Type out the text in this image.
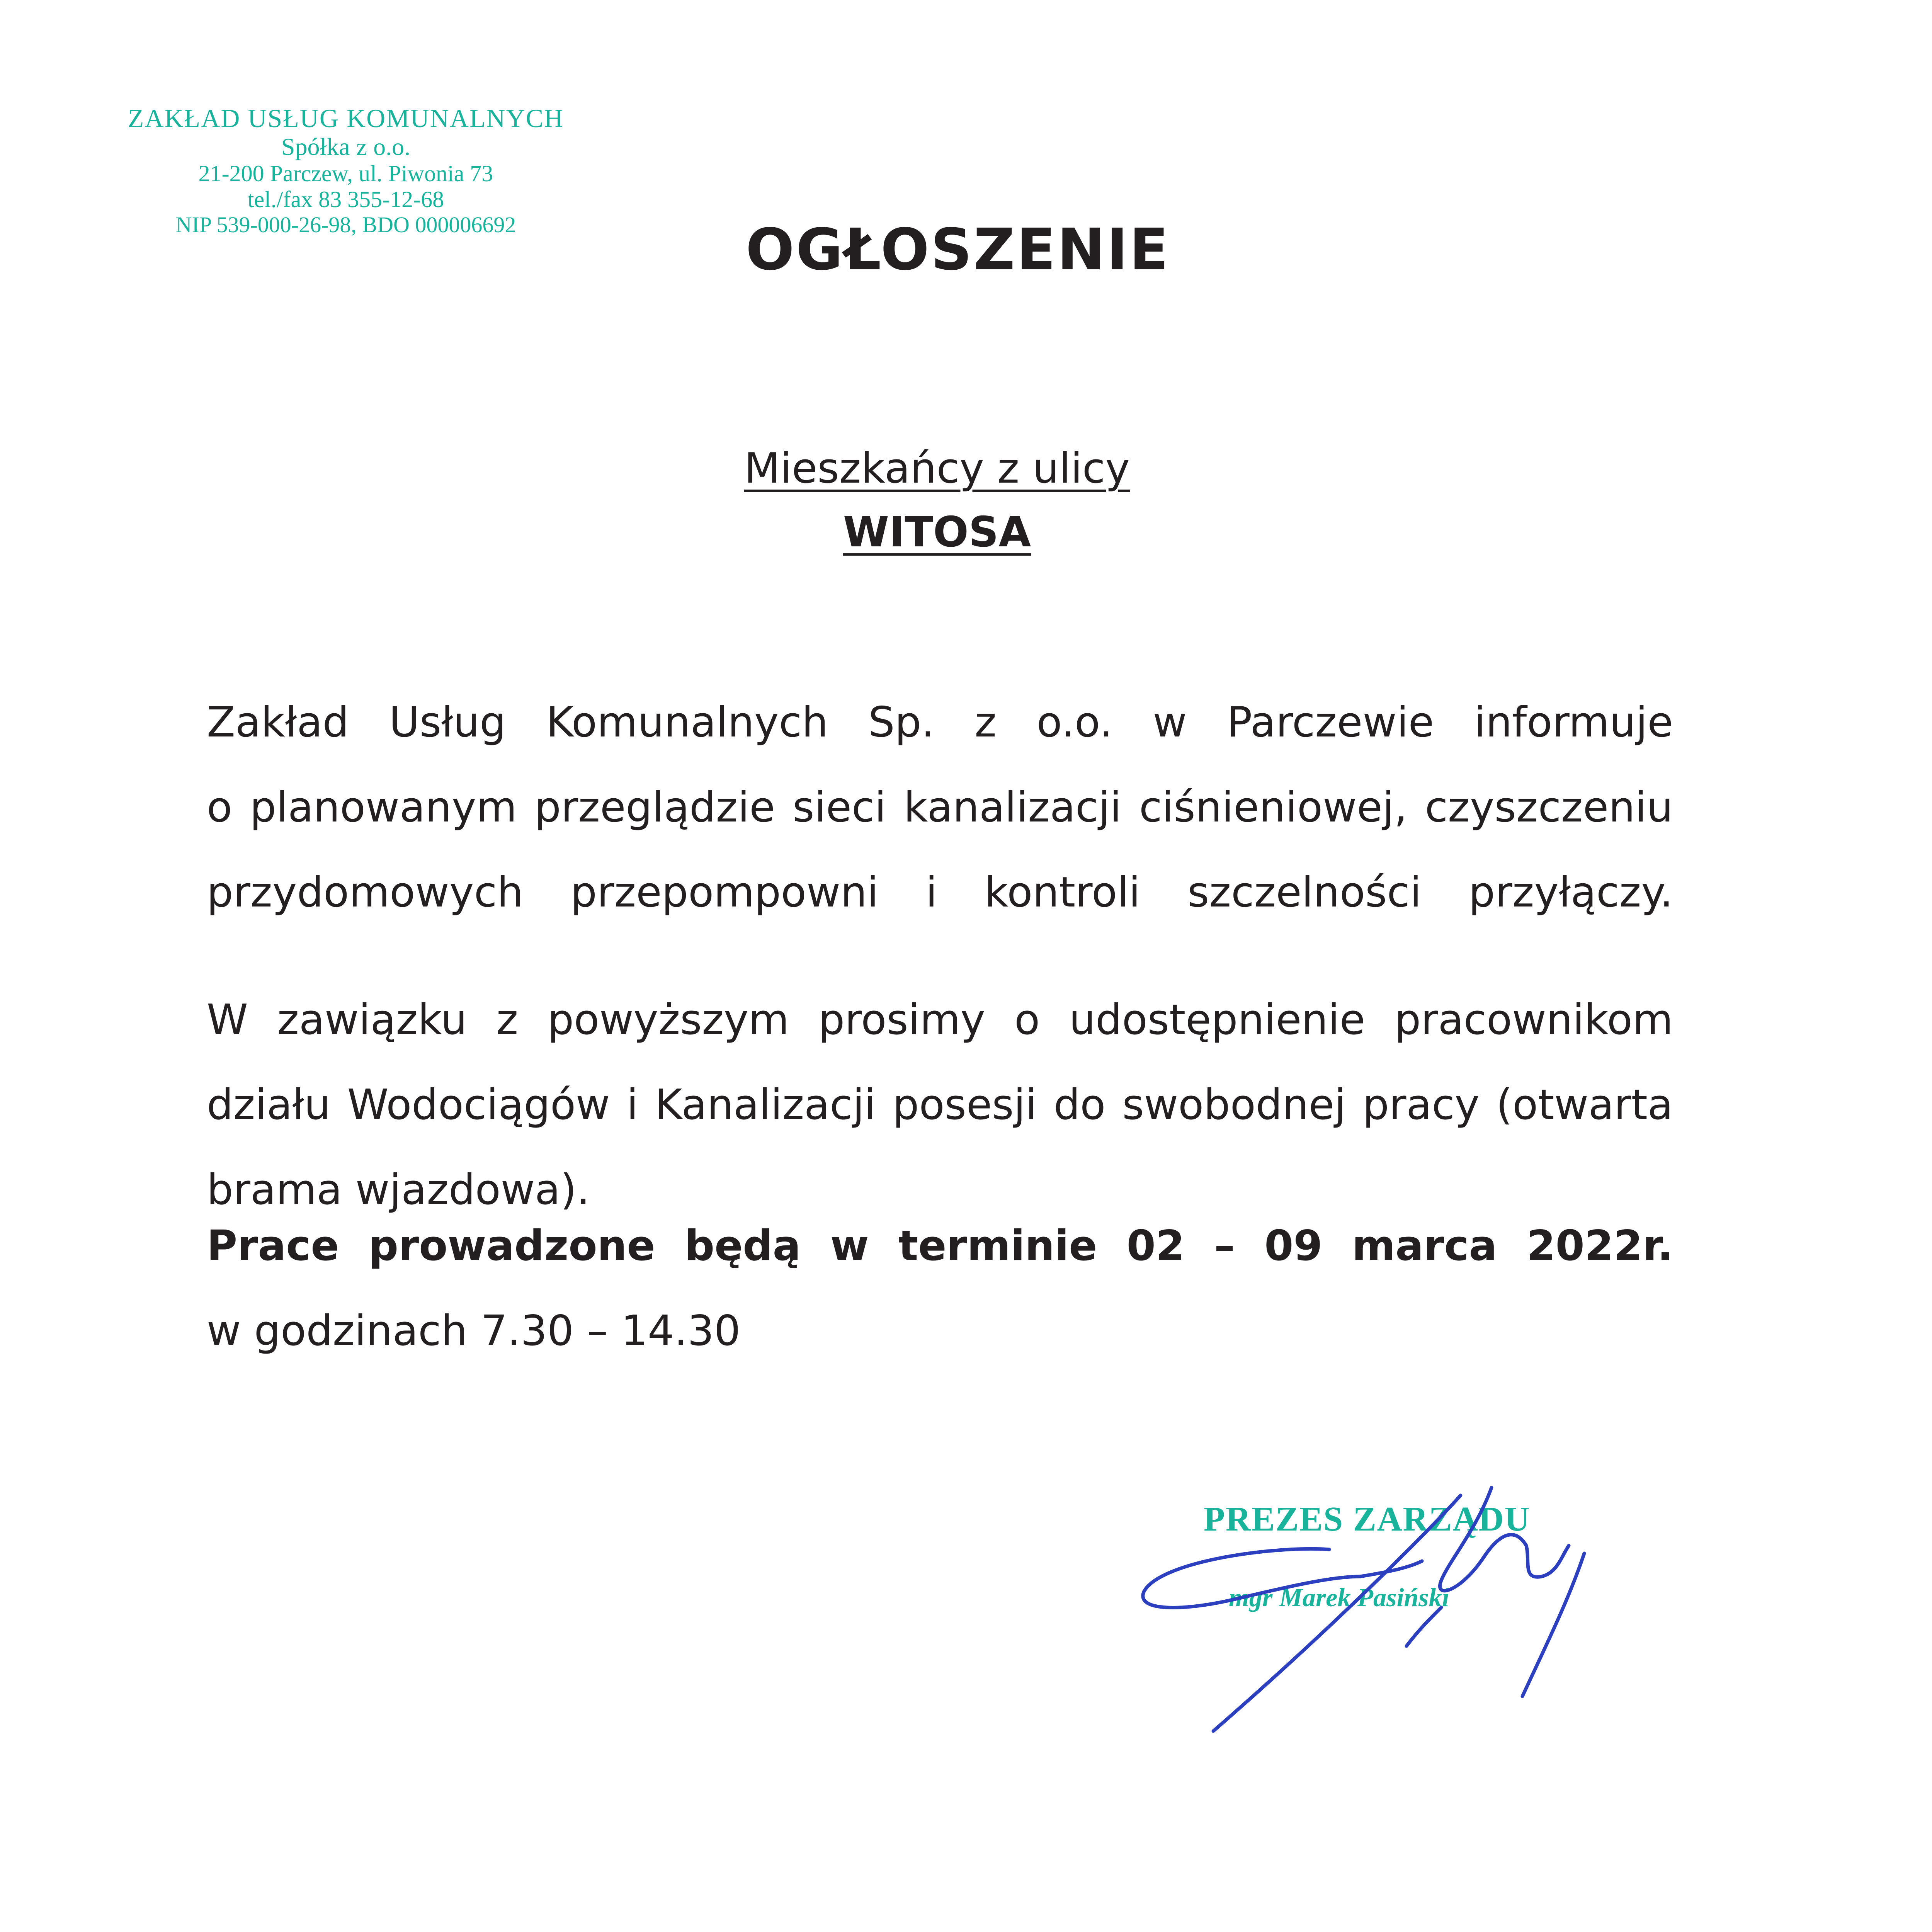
ZAKŁAD USŁUG KOMUNALNYCH
Spółka z o.o.
21-200 Parczew, ul. Piwonia 73
tel./fax 83 355-12-68
NIP 539-000-26-98, BDO 000006692	OGŁOSZENIE
Mieszkańcy z ulicy
WITOSA
Zakład Usług Komunalnych Sp. z o.o. w Parczewie informuje
o planowanym przeglądzie sieci kanalizacji ciśnieniowej, czyszczeniu
przydomowych przepompowni i kontroli szczelności przyłączy.
W zawiązku z powyższym prosimy o udostępnienie pracownikom
działu Wodociągów i Kanalizacji posesji do swobodnej pracy (otwarta
brama wjazdowa).
Prace prowadzone będą w terminie 02 – 09 marca 2022r.
w godzinach 7.30 – 14.30
PREZES ZARZĄDU
mgr Marek Pasiński
